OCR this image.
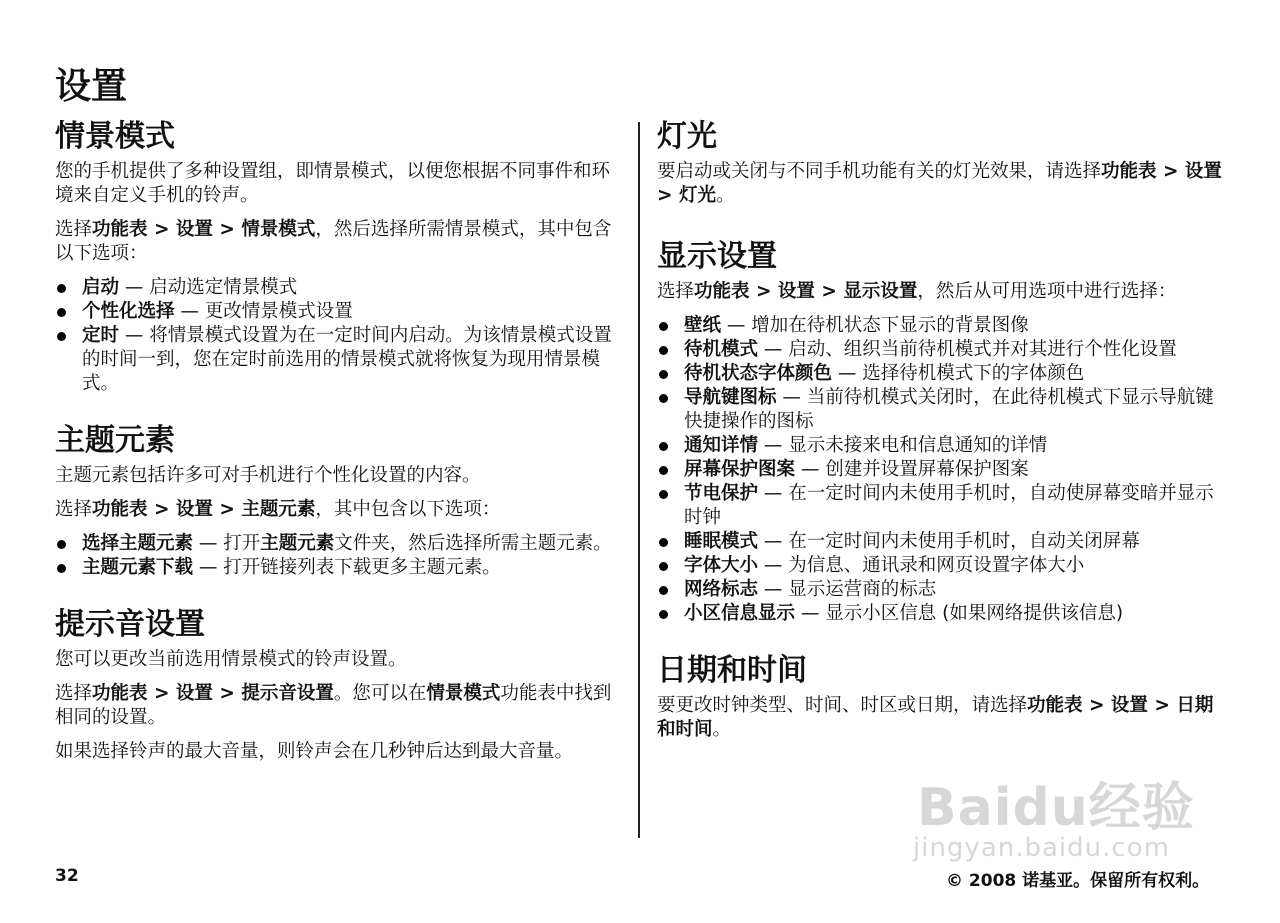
设置
情景模式

您的手机提供了多种设置组，即情景模式，以便您根据不同事件和环境来自定义手机的铃声。

选择功能表 > 设置 > 情景模式，然后选择所需情景模式，其中包含以下选项：

启动 — 启动选定情景模式
个性化选择 — 更改情景模式设置
定时 — 将情景模式设置为在一定时间内启动。为该情景模式设置的时间一到，您在定时前选用的情景模式就将恢复为现用情景模式。
主题元素

主题元素包括许多可对手机进行个性化设置的内容。

选择功能表 > 设置 > 主题元素，其中包含以下选项：

选择主题元素 — 打开主题元素文件夹，然后选择所需主题元素。
主题元素下载 — 打开链接列表下载更多主题元素。
提示音设置

您可以更改当前选用情景模式的铃声设置。

选择功能表 > 设置 > 提示音设置。您可以在情景模式功能表中找到相同的设置。

如果选择铃声的最大音量，则铃声会在几秒钟后达到最大音量。

灯光

要启动或关闭与不同手机功能有关的灯光效果，请选择功能表 > 设置 > 灯光。

显示设置

选择功能表 > 设置 > 显示设置，然后从可用选项中进行选择：

壁纸 — 增加在待机状态下显示的背景图像
待机模式 — 启动、组织当前待机模式并对其进行个性化设置
待机状态字体颜色 — 选择待机模式下的字体颜色
导航键图标 — 当前待机模式关闭时，在此待机模式下显示导航键快捷操作的图标
通知详情 — 显示未接来电和信息通知的详情
屏幕保护图案 — 创建并设置屏幕保护图案
节电保护 — 在一定时间内未使用手机时，自动使屏幕变暗并显示时钟
睡眠模式 — 在一定时间内未使用手机时，自动关闭屏幕
字体大小 — 为信息、通讯录和网页设置字体大小
网络标志 — 显示运营商的标志
小区信息显示 — 显示小区信息 (如果网络提供该信息)
日期和时间

要更改时钟类型、时间、时区或日期，请选择功能表 > 设置 > 日期和时间。

Baidu经验
jingyan.baidu.com
32	© 2008 诺基亚。保留所有权利。
